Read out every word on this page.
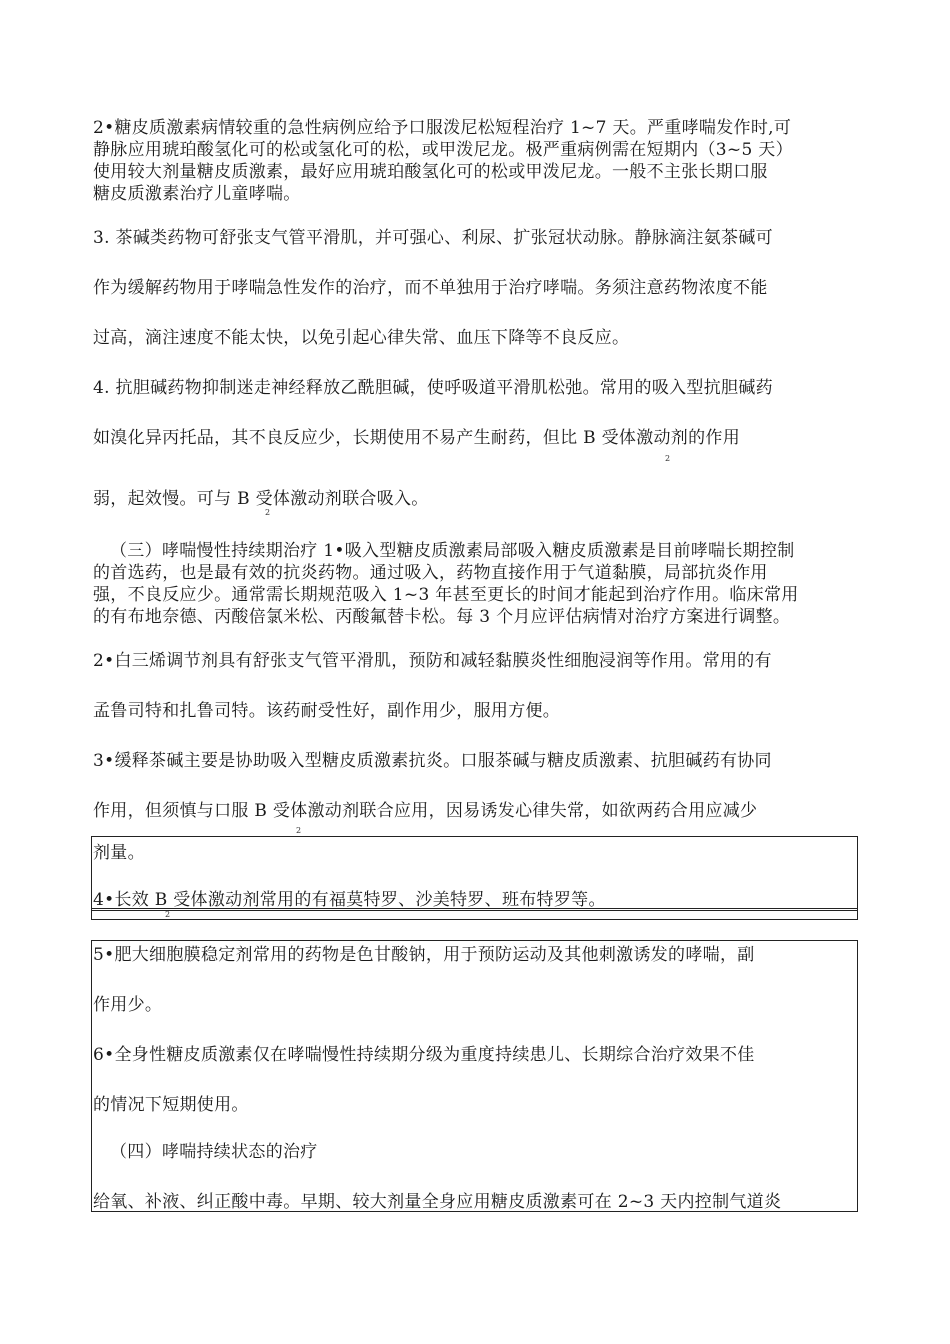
2•糖皮质激素病情较重的急性病例应给予口服泼尼松短程治疗 1~7 天。严重哮喘发作时,可
静脉应用琥珀酸氢化可的松或氢化可的松，或甲泼尼龙。极严重病例需在短期内（3~5 天）
使用较大剂量糖皮质激素，最好应用琥珀酸氢化可的松或甲泼尼龙。一般不主张长期口服
糖皮质激素治疗儿童哮喘。
3. 茶碱类药物可舒张支气管平滑肌，并可强心、利尿、扩张冠状动脉。静脉滴注氨茶碱可
作为缓解药物用于哮喘急性发作的治疗，而不单独用于治疗哮喘。务须注意药物浓度不能
过高，滴注速度不能太快，以免引起心律失常、血压下降等不良反应。
4. 抗胆碱药物抑制迷走神经释放乙酰胆碱，使呼吸道平滑肌松弛。常用的吸入型抗胆碱药
如溴化异丙托品，其不良反应少，长期使用不易产生耐药，但比 B 受体激动剂的作用
2
弱，起效慢。可与 B 受体激动剂联合吸入。
2
（三）哮喘慢性持续期治疗 1•吸入型糖皮质激素局部吸入糖皮质激素是目前哮喘长期控制
的首选药，也是最有效的抗炎药物。通过吸入，药物直接作用于气道黏膜，局部抗炎作用
强，不良反应少。通常需长期规范吸入 1~3 年甚至更长的时间才能起到治疗作用。临床常用
的有布地奈德、丙酸倍氯米松、丙酸氟替卡松。每 3 个月应评估病情对治疗方案进行调整。
2•白三烯调节剂具有舒张支气管平滑肌，预防和减轻黏膜炎性细胞浸润等作用。常用的有
孟鲁司特和扎鲁司特。该药耐受性好，副作用少，服用方便。
3•缓释茶碱主要是协助吸入型糖皮质激素抗炎。口服茶碱与糖皮质激素、抗胆碱药有协同
作用，但须慎与口服 B 受体激动剂联合应用，因易诱发心律失常，如欲两药合用应减少
2
剂量。
4•长效 B 受体激动剂常用的有福莫特罗、沙美特罗、班布特罗等。
2
5•肥大细胞膜稳定剂常用的药物是色甘酸钠，用于预防运动及其他刺激诱发的哮喘，副
作用少。
6•全身性糖皮质激素仅在哮喘慢性持续期分级为重度持续患儿、长期综合治疗效果不佳
的情况下短期使用。
（四）哮喘持续状态的治疗
给氧、补液、纠正酸中毒。早期、较大剂量全身应用糖皮质激素可在 2~3 天内控制气道炎
